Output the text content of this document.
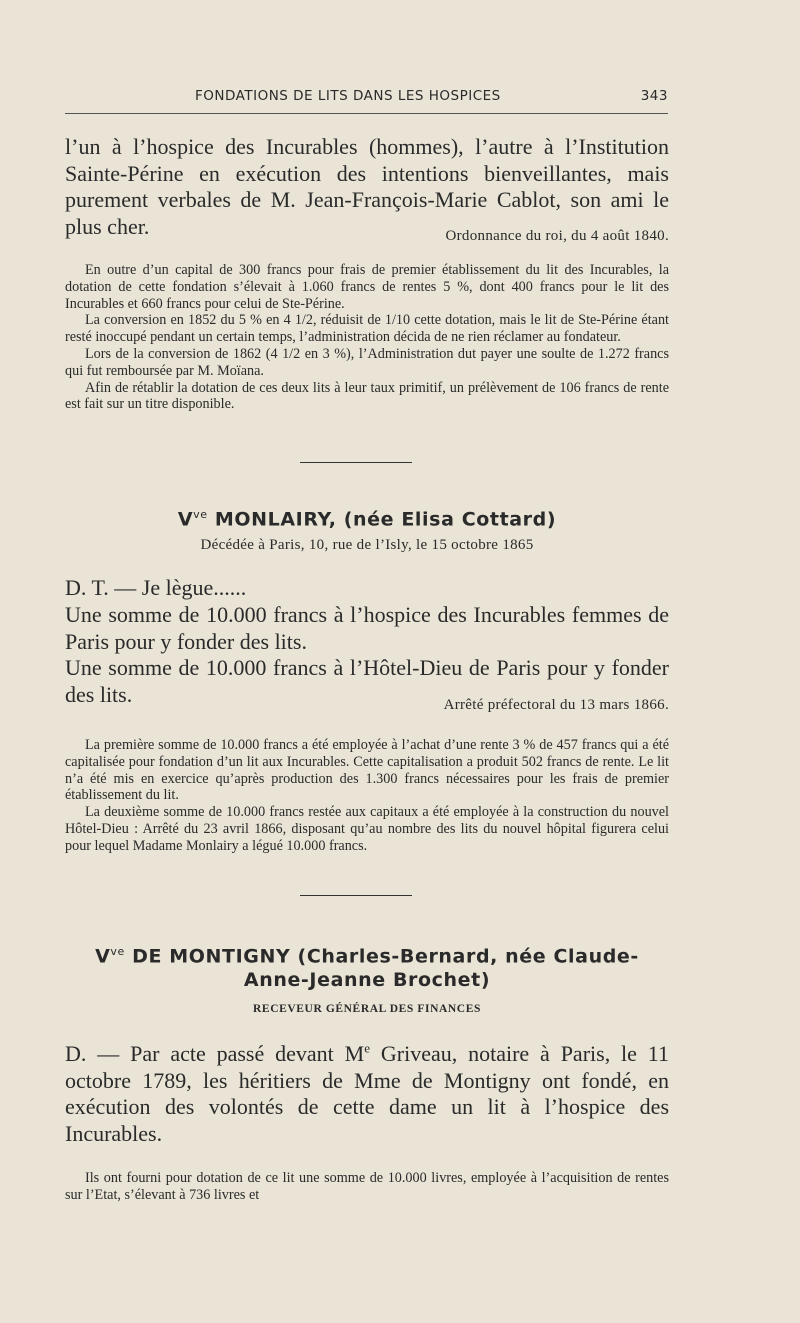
FONDATIONS DE LITS DANS LES HOSPICES	343
l’un à l’hospice des Incurables (hommes), l’autre à l’Institution Sainte-Périne en exécution des intentions bienveillantes, mais purement verbales de M. Jean-François-Marie Cablot, son ami le plus cher.	Ordonnance du roi, du 4 août 1840.

En outre d’un capital de 300 francs pour frais de premier établissement du lit des Incurables, la dotation de cette fondation s’élevait à 1.060 francs de rentes 5 %, dont 400 francs pour le lit des Incurables et 660 francs pour celui de Ste-Périne.

La conversion en 1852 du 5 % en 4 1/2, réduisit de 1/10 cette dotation, mais le lit de Ste-Périne étant resté inoccupé pendant un certain temps, l’administration décida de ne rien réclamer au fondateur.

Lors de la conversion de 1862 (4 1/2 en 3 %), l’Administration dut payer une soulte de 1.272 francs qui fut remboursée par M. Moïana.

Afin de rétablir la dotation de ces deux lits à leur taux primitif, un prélèvement de 106 francs de rente est fait sur un titre disponible.

$V^{ve}$ MONLAIRY, (née Elisa Cottard)
Décédée à Paris, 10, rue de l’Isly, le 15 octobre 1865
D. T. — Je lègue......
Une somme de 10.000 francs à l’hospice des Incurables femmes de Paris pour y fonder des lits.
Une somme de 10.000 francs à l’Hôtel-Dieu de Paris pour y fonder des lits.	Arrêté préfectoral du 13 mars 1866.

La première somme de 10.000 francs a été employée à l’achat d’une rente 3 % de 457 francs qui a été capitalisée pour fondation d’un lit aux Incurables. Cette capitalisation a produit 502 francs de rente. Le lit n’a été mis en exercice qu’après production des 1.300 francs nécessaires pour les frais de premier établissement du lit.

La deuxième somme de 10.000 francs restée aux capitaux a été employée à la construction du nouvel Hôtel-Dieu : Arrêté du 23 avril 1866, disposant qu’au nombre des lits du nouvel hôpital figurera celui pour lequel Madame Monlairy a légué 10.000 francs.

$V^{ve}$ DE MONTIGNY (Charles-Bernard, née Claude-
Anne-Jeanne Brochet)
RECEVEUR GÉNÉRAL DES FINANCES
D. — Par acte passé devant Me Griveau, notaire à Paris, le 11 octobre 1789, les héritiers de Mme de Montigny ont fondé, en exécution des volontés de cette dame un lit à l’hospice des Incurables.

Ils ont fourni pour dotation de ce lit une somme de 10.000 livres, employée à l’acquisition de rentes sur l’Etat, s’élevant à 736 livres et
